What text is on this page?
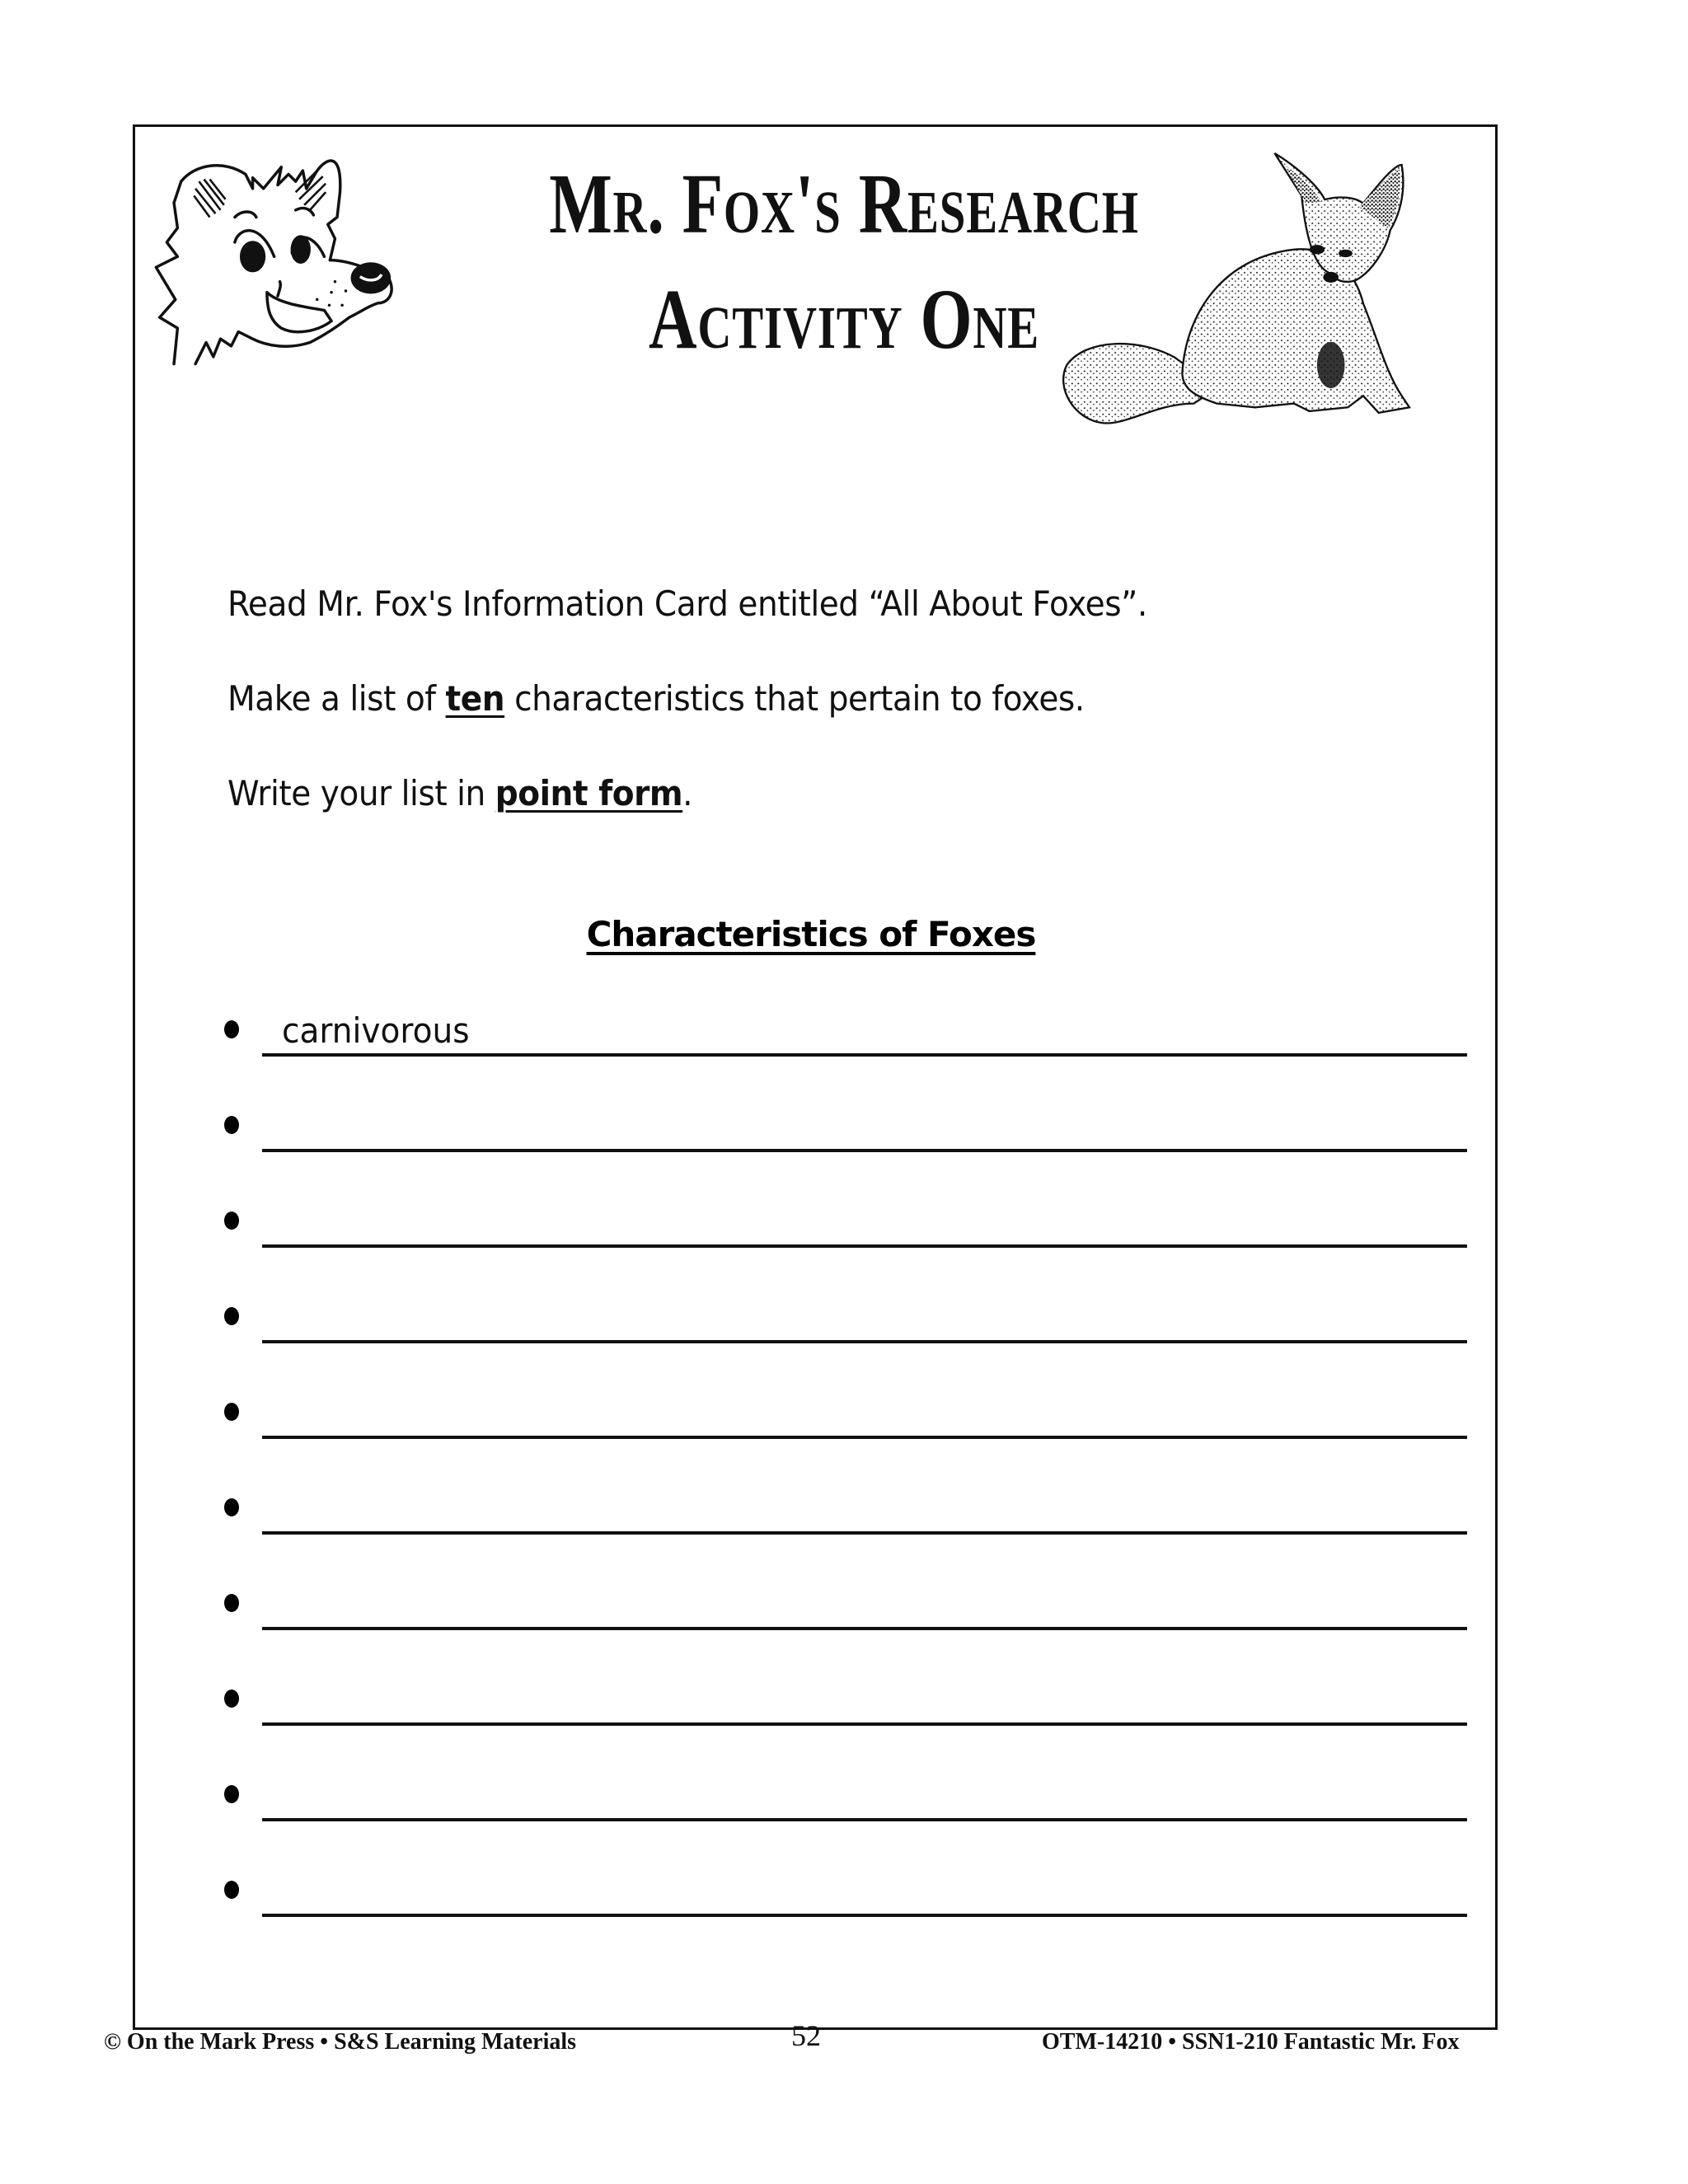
Mr. Fox's Research
Activity One
Read Mr. Fox's Information Card entitled “All About Foxes”.
Make a list of ten characteristics that pertain to foxes.
Write your list in point form.
Characteristics of Foxes
carnivorous
© On the Mark Press • S&S Learning Materials	52	OTM-14210 • SSN1-210 Fantastic Mr. Fox
